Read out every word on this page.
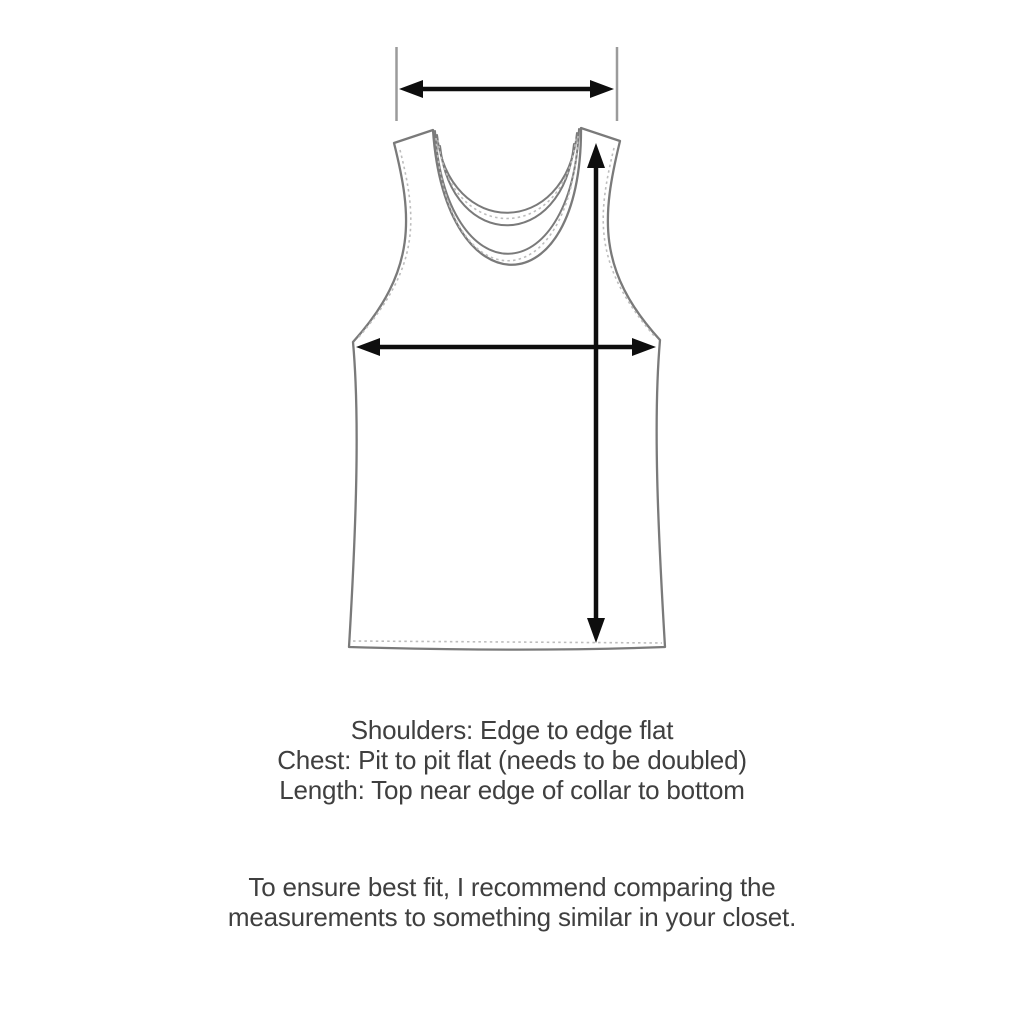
Shoulders: Edge to edge flat
Chest: Pit to pit flat (needs to be doubled)
Length: Top near edge of collar to bottom
To ensure best fit, I recommend comparing the
measurements to something similar in your closet.
